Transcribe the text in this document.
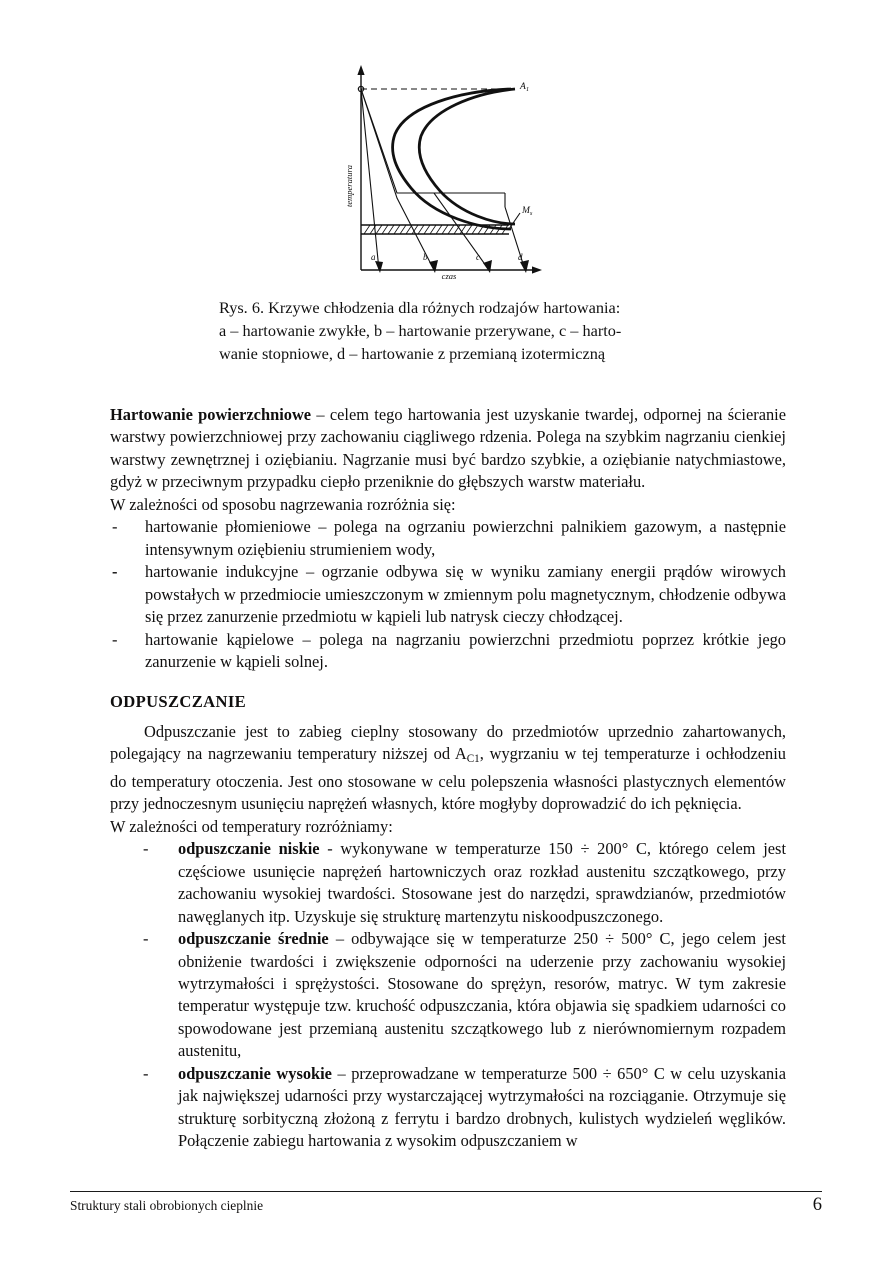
temperatura
czas
a	b	c	d
$A_1$
$M_s$
Rys. 6. Krzywe chłodzenia dla różnych rodzajów hartowania:
a – hartowanie zwykłe, b – hartowanie przerywane, c – harto-
wanie stopniowe, d – hartowanie z przemianą izotermiczną

Hartowanie powierzchniowe – celem tego hartowania jest uzyskanie twardej, odpornej na ścieranie warstwy powierzchniowej przy zachowaniu ciągliwego rdzenia. Polega na szybkim nagrzaniu cienkiej warstwy zewnętrznej i oziębianiu. Nagrzanie musi być bardzo szybkie, a oziębianie natychmiastowe, gdyż w przeciwnym przypadku ciepło przeniknie do głębszych warstw materiału.

W zależności od sposobu nagrzewania rozróżnia się:

- hartowanie płomieniowe – polega na ogrzaniu powierzchni palnikiem gazowym, a następnie intensywnym oziębieniu strumieniem wody,
- hartowanie indukcyjne – ogrzanie odbywa się w wyniku zamiany energii prądów wirowych powstałych w przedmiocie umieszczonym w zmiennym polu magnetycznym, chłodzenie odbywa się przez zanurzenie przedmiotu w kąpieli lub natrysk cieczy chłodzącej.
- hartowanie kąpielowe – polega na nagrzaniu powierzchni przedmiotu poprzez krótkie jego zanurzenie w kąpieli solnej.
ODPUSZCZANIE

Odpuszczanie jest to zabieg cieplny stosowany do przedmiotów uprzednio zahartowanych, polegający na nagrzewaniu temperatury niższej od $A_{C1}$, wygrzaniu w tej temperaturze i ochłodzeniu do temperatury otoczenia. Jest ono stosowane w celu polepszenia własności plastycznych elementów przy jednoczesnym usunięciu naprężeń własnych, które mogłyby doprowadzić do ich pęknięcia.

W zależności od temperatury rozróżniamy:

- odpuszczanie niskie - wykonywane w temperaturze 150 ÷ 200° C, którego celem jest częściowe usunięcie naprężeń hartowniczych oraz rozkład austenitu szczątkowego, przy zachowaniu wysokiej twardości. Stosowane jest do narzędzi, sprawdzianów, przedmiotów nawęglanych itp. Uzyskuje się strukturę martenzytu niskoodpuszczonego.
- odpuszczanie średnie – odbywające się w temperaturze 250 ÷ 500° C, jego celem jest obniżenie twardości i zwiększenie odporności na uderzenie przy zachowaniu wysokiej wytrzymałości i sprężystości. Stosowane do sprężyn, resorów, matryc. W tym zakresie temperatur występuje tzw. kruchość odpuszczania, która objawia się spadkiem udarności co spowodowane jest przemianą austenitu szczątkowego lub z nierównomiernym rozpadem austenitu,
- odpuszczanie wysokie – przeprowadzane w temperaturze 500 ÷ 650° C w celu uzyskania jak największej udarności przy wystarczającej wytrzymałości na rozciąganie. Otrzymuje się strukturę sorbityczną złożoną z ferrytu i bardzo drobnych, kulistych wydzieleń węglików. Połączenie zabiegu hartowania z wysokim odpuszczaniem w
Struktury stali obrobionych cieplnie	6
